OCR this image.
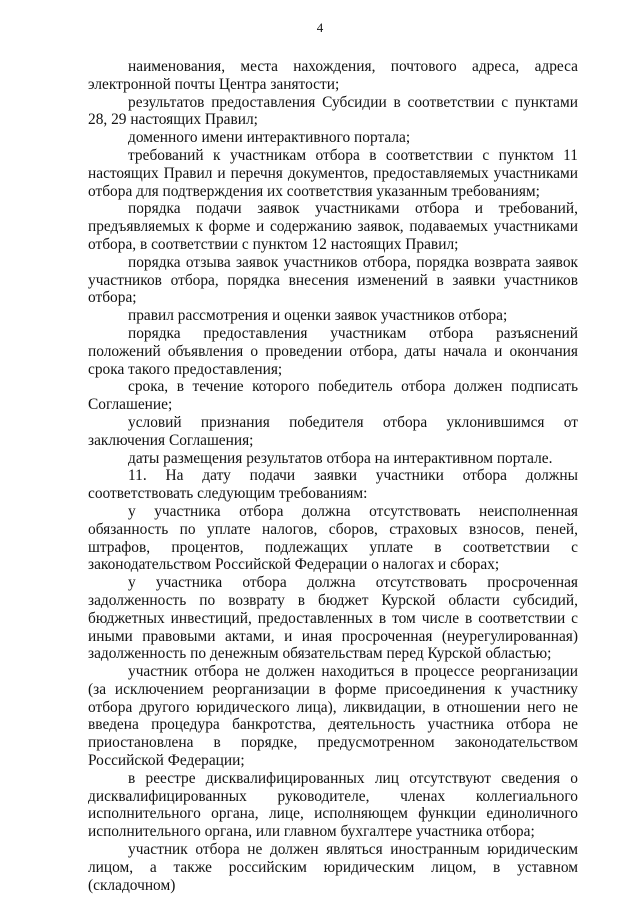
4

наименования, места нахождения, почтового адреса, адреса электронной почты Центра занятости;

результатов предоставления Субсидии в соответствии с пунктами 28, 29 настоящих Правил;

доменного имени интерактивного портала;

требований к участникам отбора в соответствии с пунктом 11 настоящих Правил и перечня документов, предоставляемых участниками отбора для подтверждения их соответствия указанным требованиям;

порядка подачи заявок участниками отбора и требований, предъявляемых к форме и содержанию заявок, подаваемых участниками отбора, в соответствии с пунктом 12 настоящих Правил;

порядка отзыва заявок участников отбора, порядка возврата заявок участников отбора, порядка внесения изменений в заявки участников отбора;

правил рассмотрения и оценки заявок участников отбора;

порядка предоставления участникам отбора разъяснений положений объявления о проведении отбора, даты начала и окончания срока такого предоставления;

срока, в течение которого победитель отбора должен подписать Соглашение;

условий признания победителя отбора уклонившимся от заключения Соглашения;

даты размещения результатов отбора на интерактивном портале.

11. На дату подачи заявки участники отбора должны соответствовать следующим требованиям:

у участника отбора должна отсутствовать неисполненная обязанность по уплате налогов, сборов, страховых взносов, пеней, штрафов, процентов, подлежащих уплате в соответствии с законодательством Российской Федерации о налогах и сборах;

у участника отбора должна отсутствовать просроченная задолженность по возврату в бюджет Курской области субсидий, бюджетных инвестиций, предоставленных в том числе в соответствии с иными правовыми актами, и иная просроченная (неурегулированная) задолженность по денежным обязательствам перед Курской областью;

участник отбора не должен находиться в процессе реорганизации (за исключением реорганизации в форме присоединения к участнику отбора другого юридического лица), ликвидации, в отношении него не введена процедура банкротства, деятельность участника отбора не приостановлена в порядке, предусмотренном законодательством Российской Федерации;

в реестре дисквалифицированных лиц отсутствуют сведения о дисквалифицированных руководителе, членах коллегиального исполнительного органа, лице, исполняющем функции единоличного исполнительного органа, или главном бухгалтере участника отбора;

участник отбора не должен являться иностранным юридическим лицом, а также российским юридическим лицом, в уставном (складочном)
